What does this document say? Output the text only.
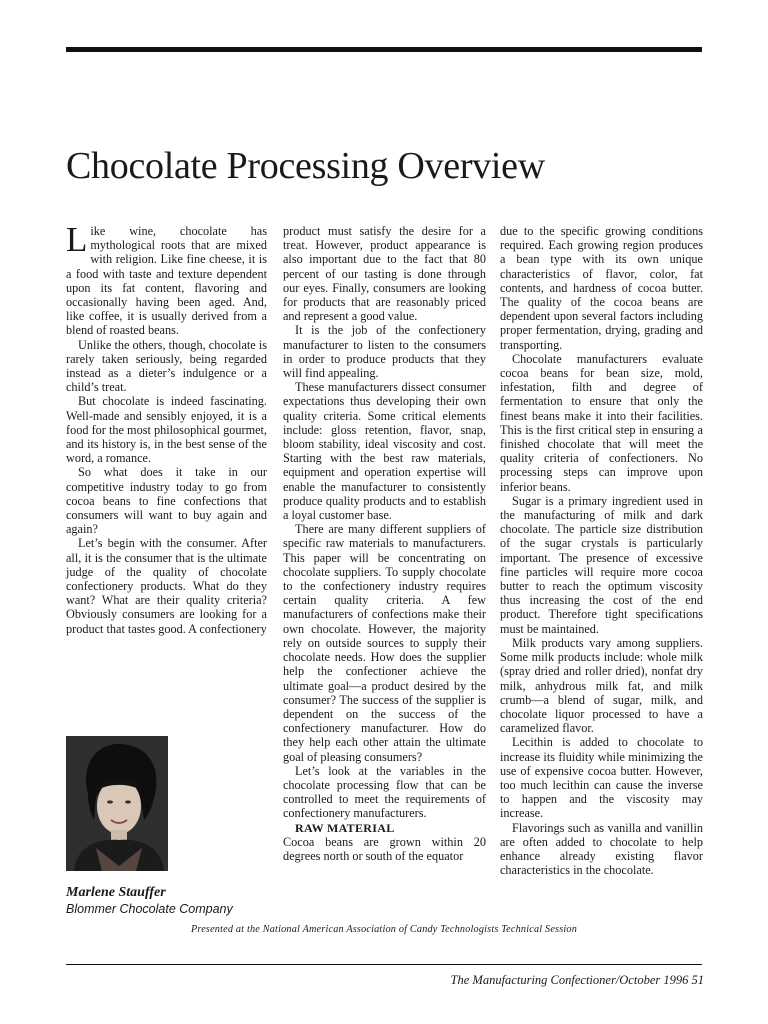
Chocolate Processing Overview

Like wine, chocolate has mythological roots that are mixed with religion. Like fine cheese, it is a food with taste and texture dependent upon its fat content, flavoring and occasionally having been aged. And, like coffee, it is usually derived from a blend of roasted beans.

Unlike the others, though, chocolate is rarely taken seriously, being regarded instead as a dieter’s indulgence or a child’s treat.

But chocolate is indeed fascinating. Well-made and sensibly enjoyed, it is a food for the most philosophical gourmet, and its history is, in the best sense of the word, a romance.

So what does it take in our competitive industry today to go from cocoa beans to fine confections that consumers will want to buy again and again?

Let’s begin with the consumer. After all, it is the consumer that is the ultimate judge of the quality of chocolate confectionery products. What do they want? What are their quality criteria? Obviously consumers are looking for a product that tastes good. A confectionery

Marlene Stauffer
Blommer Chocolate Company

product must satisfy the desire for a treat. However, product appearance is also important due to the fact that 80 percent of our tasting is done through our eyes. Finally, consumers are looking for products that are reasonably priced and represent a good value.

It is the job of the confectionery manufacturer to listen to the consumers in order to produce products that they will find appealing.

These manufacturers dissect consumer expectations thus developing their own quality criteria. Some critical elements include: gloss retention, flavor, snap, bloom stability, ideal viscosity and cost. Starting with the best raw materials, equipment and operation expertise will enable the manufacturer to consistently produce quality products and to establish a loyal customer base.

There are many different suppliers of specific raw materials to manufacturers. This paper will be concentrating on chocolate suppliers. To supply chocolate to the confectionery industry requires certain quality criteria. A few manufacturers of confections make their own chocolate. However, the majority rely on outside sources to supply their chocolate needs. How does the supplier help the confectioner achieve the ultimate goal—a product desired by the consumer? The success of the supplier is dependent on the success of the confectionery manufacturer. How do they help each other attain the ultimate goal of pleasing consumers?

Let’s look at the variables in the chocolate processing flow that can be controlled to meet the requirements of confectionery manufacturers.

RAW MATERIAL

Cocoa beans are grown within 20 degrees north or south of the equator

due to the specific growing conditions required. Each growing region produces a bean type with its own unique characteristics of flavor, color, fat contents, and hardness of cocoa butter. The quality of the cocoa beans are dependent upon several factors including proper fermentation, drying, grading and transporting.

Chocolate manufacturers evaluate cocoa beans for bean size, mold, infestation, filth and degree of fermentation to ensure that only the finest beans make it into their facilities. This is the first critical step in ensuring a finished chocolate that will meet the quality criteria of confectioners. No processing steps can improve upon inferior beans.

Sugar is a primary ingredient used in the manufacturing of milk and dark chocolate. The particle size distribution of the sugar crystals is particularly important. The presence of excessive fine particles will require more cocoa butter to reach the optimum viscosity thus increasing the cost of the end product. Therefore tight specifications must be maintained.

Milk products vary among suppliers. Some milk products include: whole milk (spray dried and roller dried), nonfat dry milk, anhydrous milk fat, and milk crumb—a blend of sugar, milk, and chocolate liquor processed to have a caramelized flavor.

Lecithin is added to chocolate to increase its fluidity while minimizing the use of expensive cocoa butter. However, too much lecithin can cause the inverse to happen and the viscosity may increase.

Flavorings such as vanilla and vanillin are often added to chocolate to help enhance already existing flavor characteristics in the chocolate.

Presented at the National American Association of Candy Technologists Technical Session
The Manufacturing Confectioner/October 1996 51
